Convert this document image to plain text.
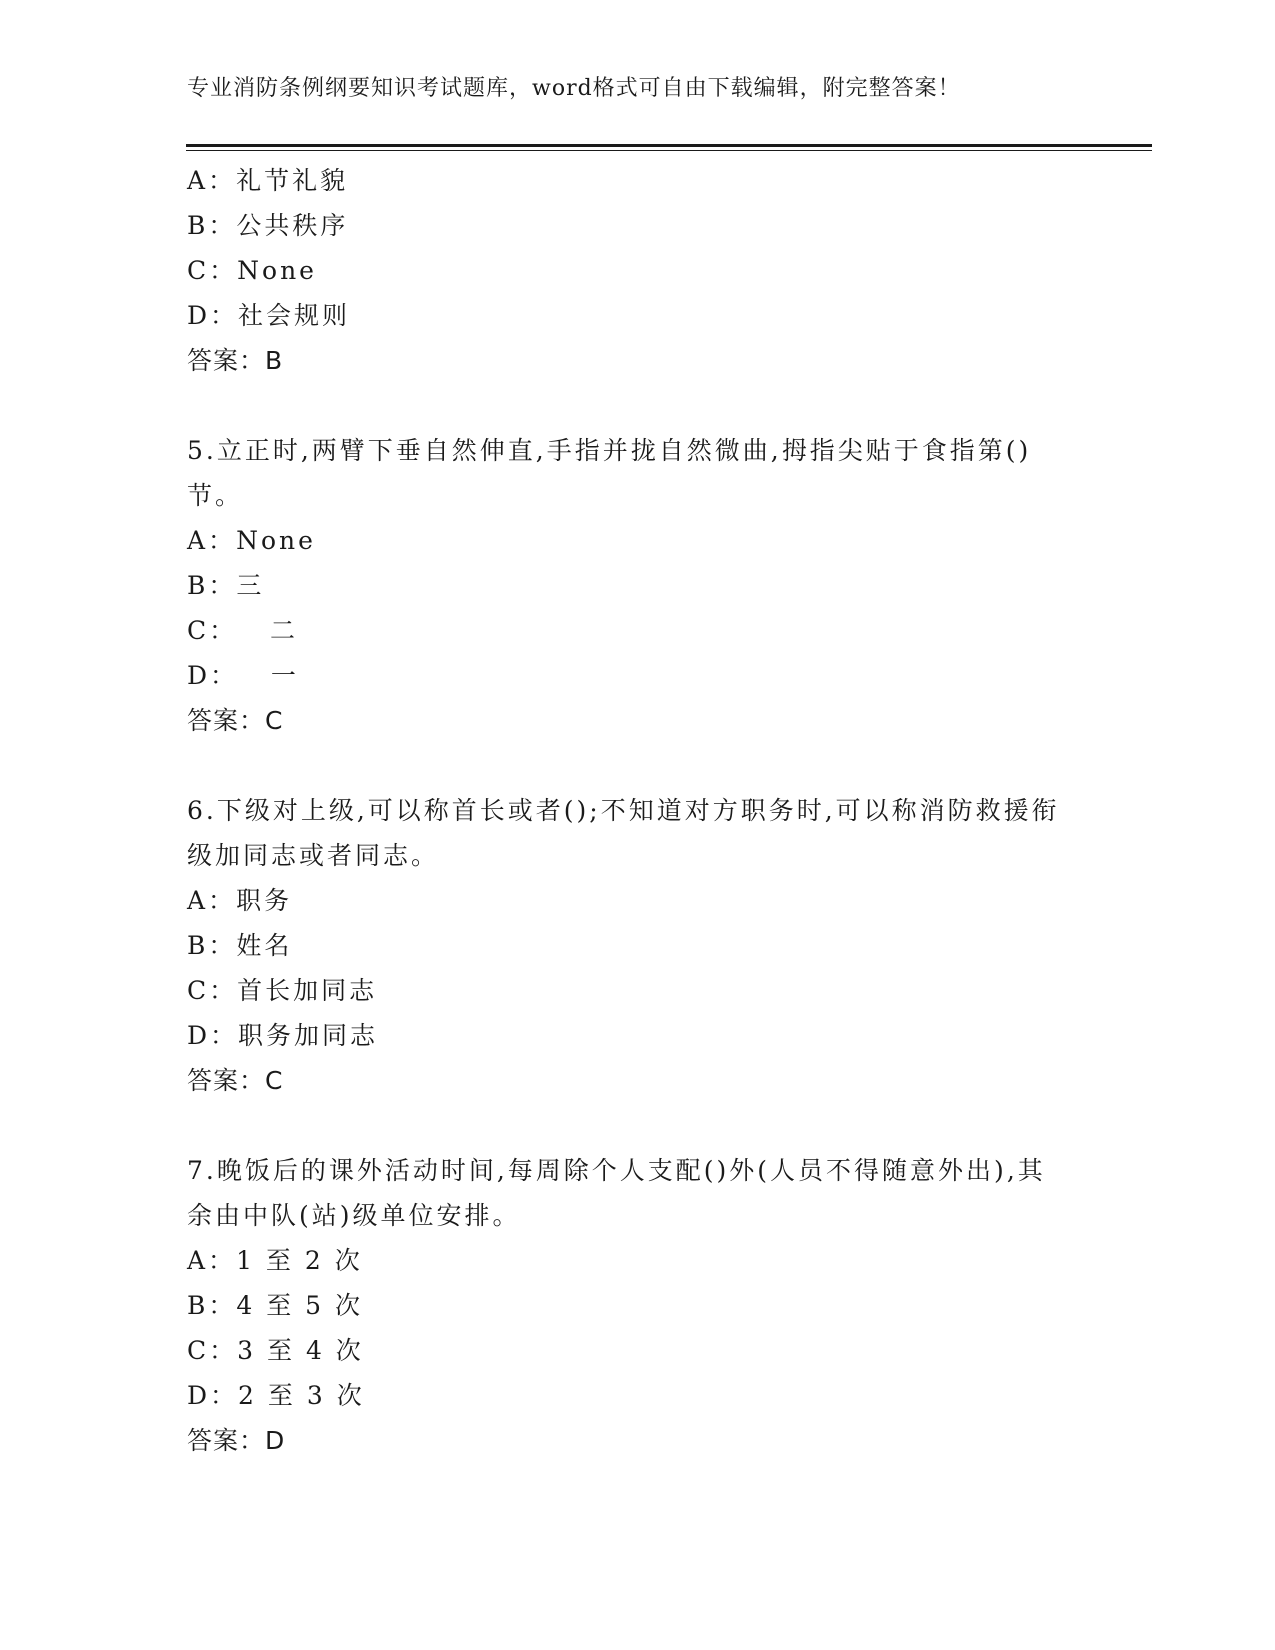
专业消防条例纲要知识考试题库，word格式可自由下载编辑，附完整答案！
A：礼节礼貌
B：公共秩序
C：None
D：社会规则
答案：B
5.立正时,两臂下垂自然伸直,手指并拢自然微曲,拇指尖贴于食指第()节。
A：None
B：三
C：   二
D：   一
答案：C
6.下级对上级,可以称首长或者();不知道对方职务时,可以称消防救援衔级加同志或者同志。
A：职务
B：姓名
C：首长加同志
D：职务加同志
答案：C
7.晚饭后的课外活动时间,每周除个人支配()外(人员不得随意外出),其余由中队(站)级单位安排。
A：1 至 2 次
B：4 至 5 次
C：3 至 4 次
D：2 至 3 次
答案：D
